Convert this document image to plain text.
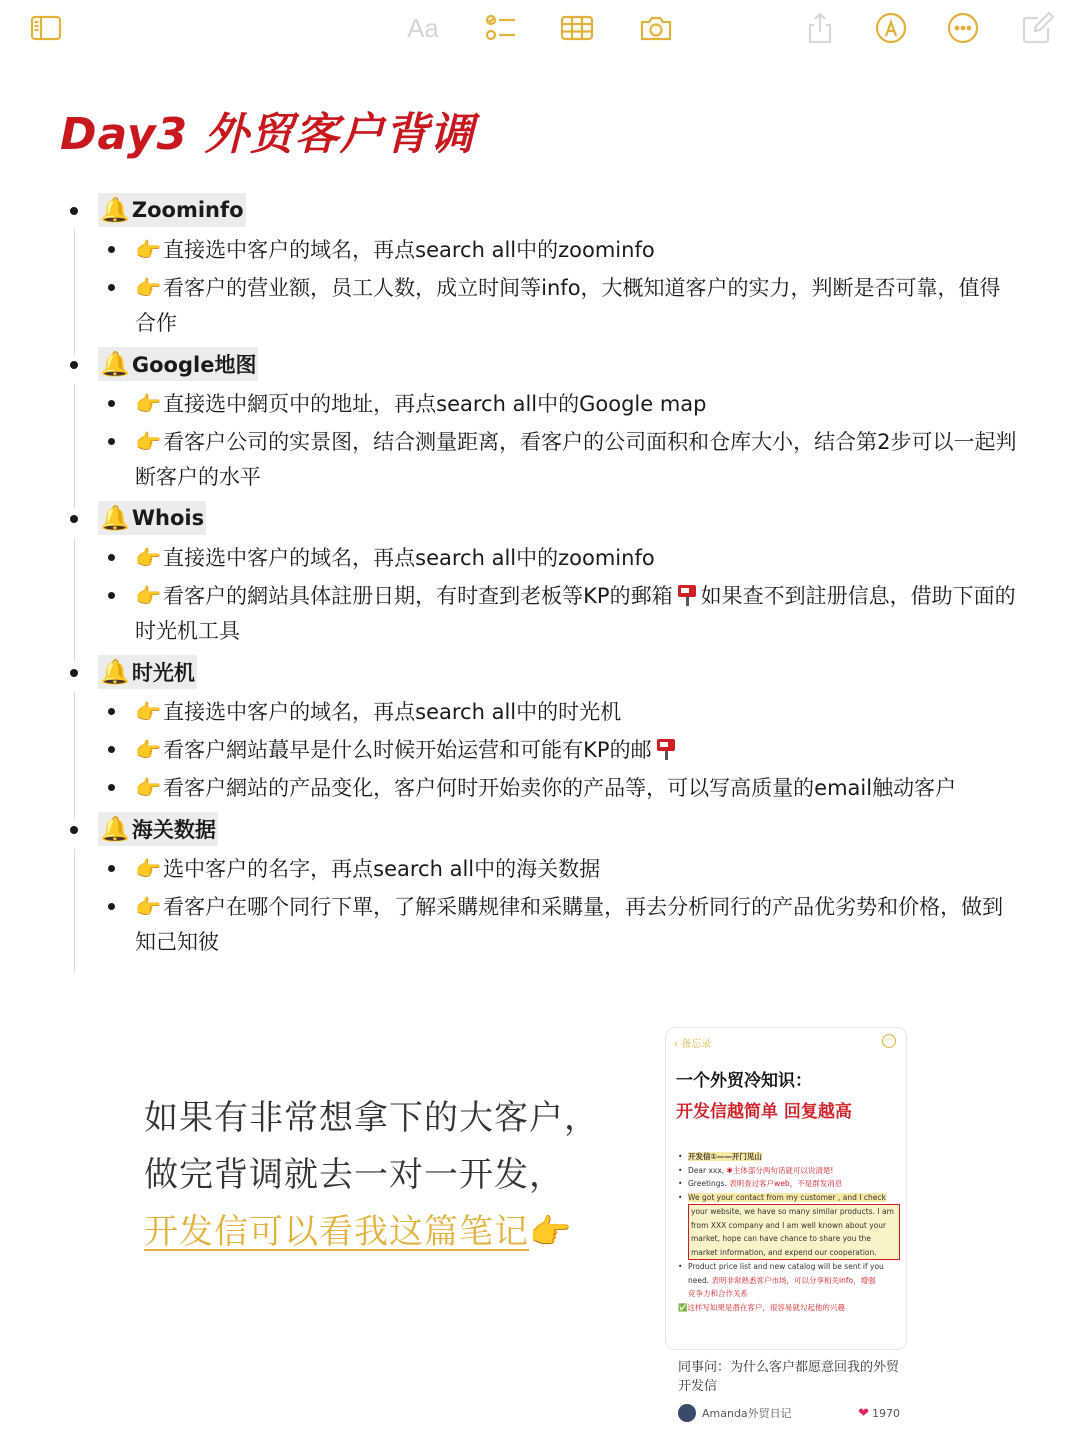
Aa
Day3 外贸客户背调
🔔 Zoominfo
👉直接选中客户的域名，再点search all中的zoominfo
👉看客户的营业额，员工人数，成立时间等info，大概知道客户的实力，判断是否可靠，值得合作
🔔 Google地图
👉直接选中網页中的地址，再点search all中的Google map
👉看客户公司的实景图，结合测量距离，看客户的公司面积和仓库大小，结合第2步可以一起判断客户的水平
🔔 Whois
👉直接选中客户的域名，再点search all中的zoominfo
👉看客户的網站具体註册日期，有时查到老板等KP的郵箱 如果查不到註册信息，借助下面的时光机工具
🔔 时光机
👉直接选中客户的域名，再点search all中的时光机
👉看客户網站蕞早是什么时候开始运营和可能有KP的邮
👉看客户網站的产品变化，客户何时开始卖你的产品等，可以写高质量的email触动客户
🔔 海关数据
👉选中客户的名字，再点search all中的海关数据
👉看客户在哪个同行下單，了解采購规律和采購量，再去分析同行的产品优劣势和价格，做到知己知彼
如果有非常想拿下的大客户，
做完背调就去一对一开发，
开发信可以看我这篇笔记👉
‹ 备忘录	···
一个外贸冷知识：
开发信越简单 回复越高
• 开发信①——开门见山
• Dear xxx, ✱主体部分两句话就可以说清楚!
• Greetings. 表明查过客户web，不是群发消息
• We got your contact from my customer , and I check
your website, we have so many similar products. I am
from XXX company and I am well known about your
market, hope can have chance to share you the
market information, and expend our cooperation.
• Product price list and new catalog will be sent if you
need. 表明非常熟悉客户市场，可以分享相关info，增强
竞争力和合作关系
✅这样写如果是潜在客户，很容易就勾起他的兴趣
同事问：为什么客户都愿意回我的外贸开发信
Amanda外贸日记	❤ 1970
